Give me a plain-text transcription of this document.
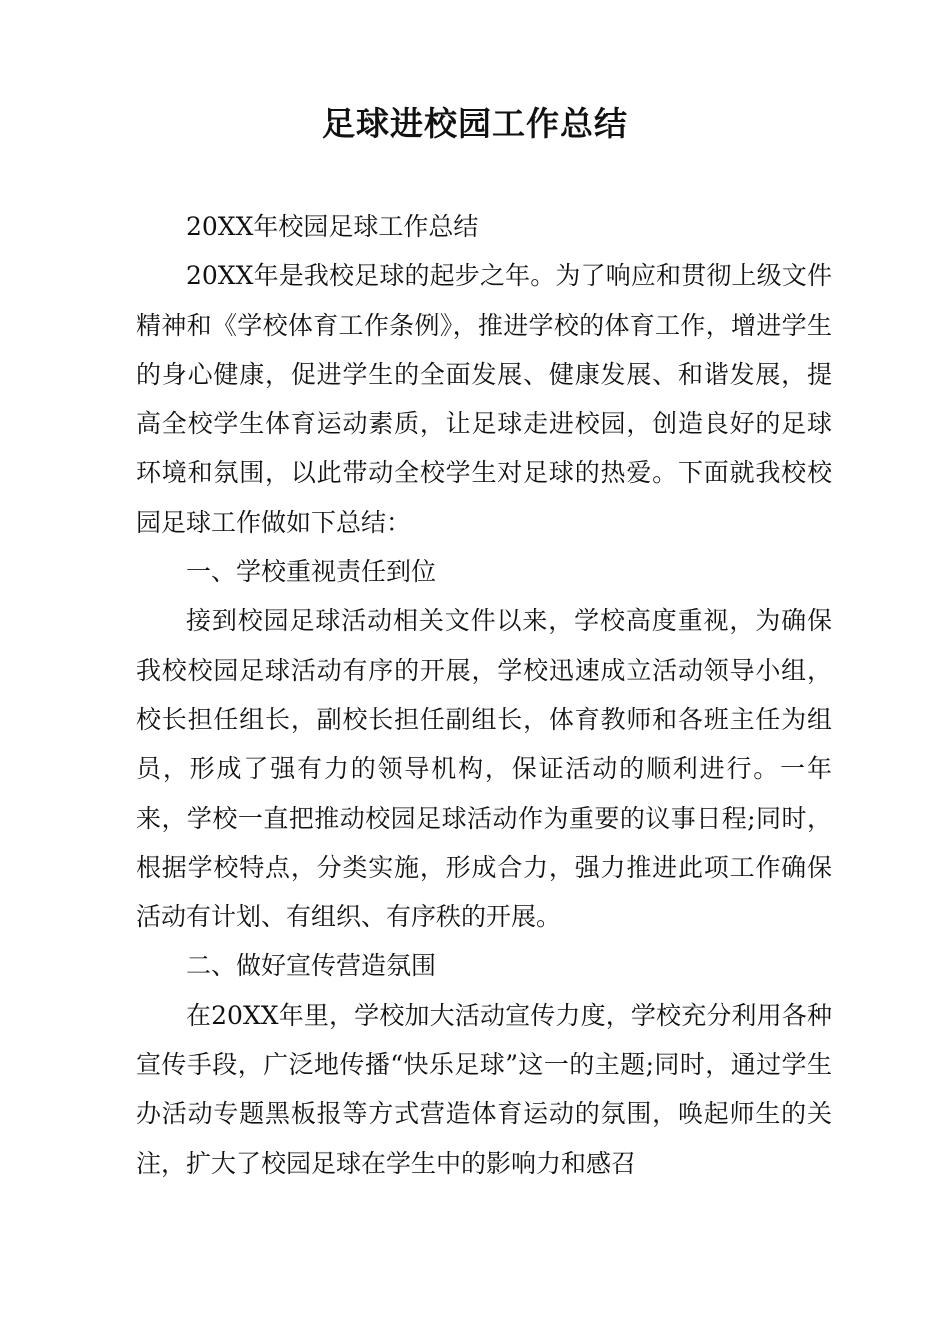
足球进校园工作总结

20XX年校园足球工作总结

20XX年是我校足球的起步之年。为了响应和贯彻上级文件精神和《学校体育工作条例》，推进学校的体育工作，增进学生的身心健康，促进学生的全面发展、健康发展、和谐发展，提高全校学生体育运动素质，让足球走进校园，创造良好的足球环境和氛围，以此带动全校学生对足球的热爱。下面就我校校园足球工作做如下总结：

一、学校重视责任到位

接到校园足球活动相关文件以来，学校高度重视，为确保我校校园足球活动有序的开展，学校迅速成立活动领导小组，校长担任组长，副校长担任副组长，体育教师和各班主任为组员，形成了强有力的领导机构，保证活动的顺利进行。一年来，学校一直把推动校园足球活动作为重要的议事日程;同时，根据学校特点，分类实施，形成合力，强力推进此项工作确保活动有计划、有组织、有序秩的开展。

二、做好宣传营造氛围

在20XX年里，学校加大活动宣传力度，学校充分利用各种宣传手段，广泛地传播“快乐足球”这一的主题;同时，通过学生办活动专题黑板报等方式营造体育运动的氛围，唤起师生的关注，扩大了校园足球在学生中的影响力和感召
